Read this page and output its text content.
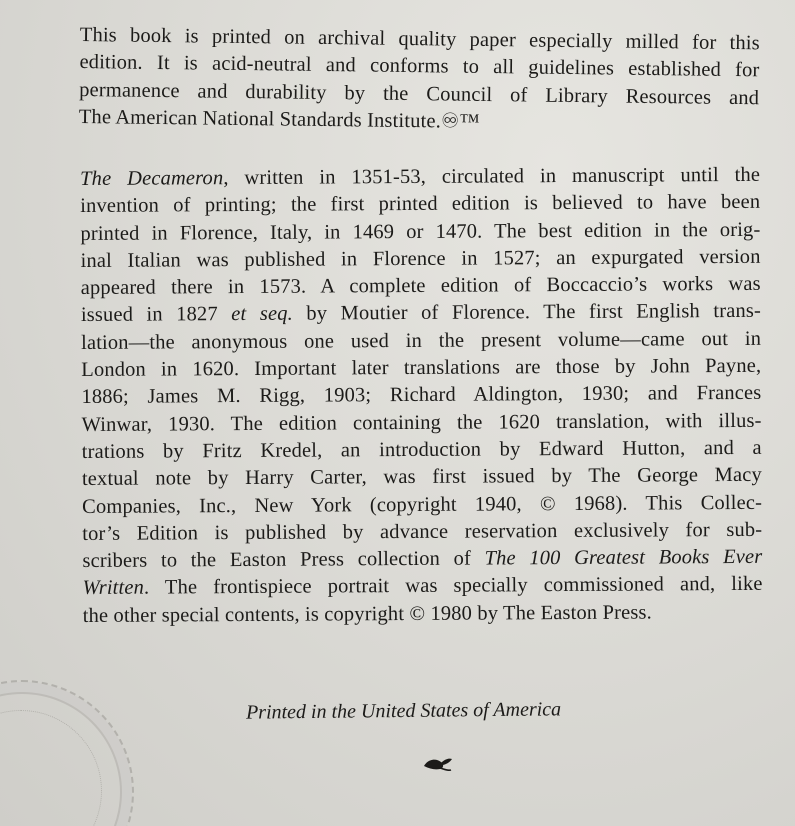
This book is printed on archival quality paper especially milled for this
edition. It is acid-neutral and conforms to all guidelines established for
permanence and durability by the Council of Library Resources and
The American National Standards Institute.♾™
The Decameron, written in 1351-53, circulated in manuscript until the
invention of printing; the first printed edition is believed to have been
printed in Florence, Italy, in 1469 or 1470. The best edition in the orig-
inal Italian was published in Florence in 1527; an expurgated version
appeared there in 1573. A complete edition of Boccaccio’s works was
issued in 1827 et seq. by Moutier of Florence. The first English trans-
lation—the anonymous one used in the present volume—came out in
London in 1620. Important later translations are those by John Payne,
1886; James M. Rigg, 1903; Richard Aldington, 1930; and Frances
Winwar, 1930. The edition containing the 1620 translation, with illus-
trations by Fritz Kredel, an introduction by Edward Hutton, and a
textual note by Harry Carter, was first issued by The George Macy
Companies, Inc., New York (copyright 1940, © 1968). This Collec-
tor’s Edition is published by advance reservation exclusively for sub-
scribers to the Easton Press collection of The 100 Greatest Books Ever
Written. The frontispiece portrait was specially commissioned and, like
the other special contents, is copyright © 1980 by The Easton Press.
Printed in the United States of America
